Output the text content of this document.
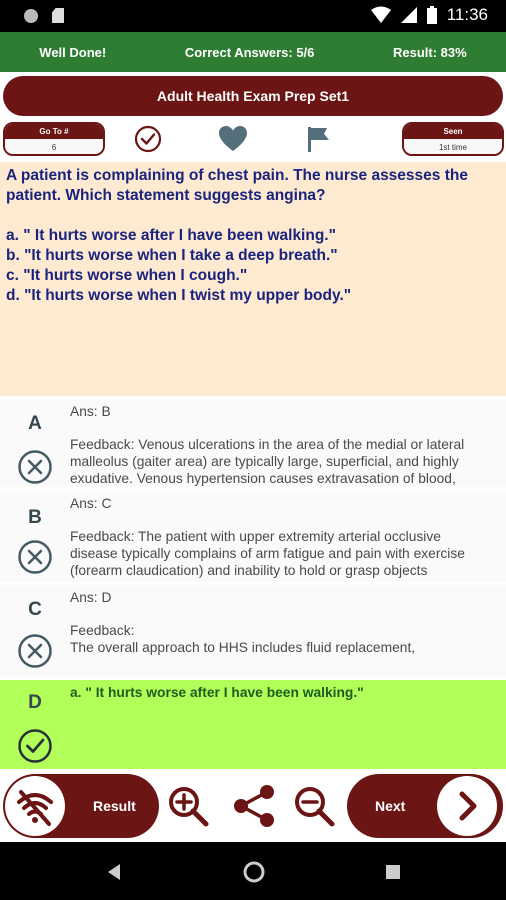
11:36
Well Done!	Correct Answers: 5/6	Result: 83%
Adult Health Exam Prep Set1
Go To #
6
Seen
1st time
A patient is complaining of chest pain. The nurse assesses the patient. Which statement suggests angina?
a. " It hurts worse after I have been walking."
b. "It hurts worse when I take a deep breath."
c. "It hurts worse when I cough."
d. "It hurts worse when I twist my upper body."
A
Ans: B
Feedback: Venous ulcerations in the area of the medial or lateral malleolus (gaiter area) are typically large, superficial, and highly exudative. Venous hypertension causes extravasation of blood,
B
Ans: C
Feedback: The patient with upper extremity arterial occlusive disease typically complains of arm fatigue and pain with exercise (forearm claudication) and inability to hold or grasp objects
C
Ans: D
Feedback:
The overall approach to HHS includes fluid replacement,
D	a. " It hurts worse after I have been walking."
Result	Next
